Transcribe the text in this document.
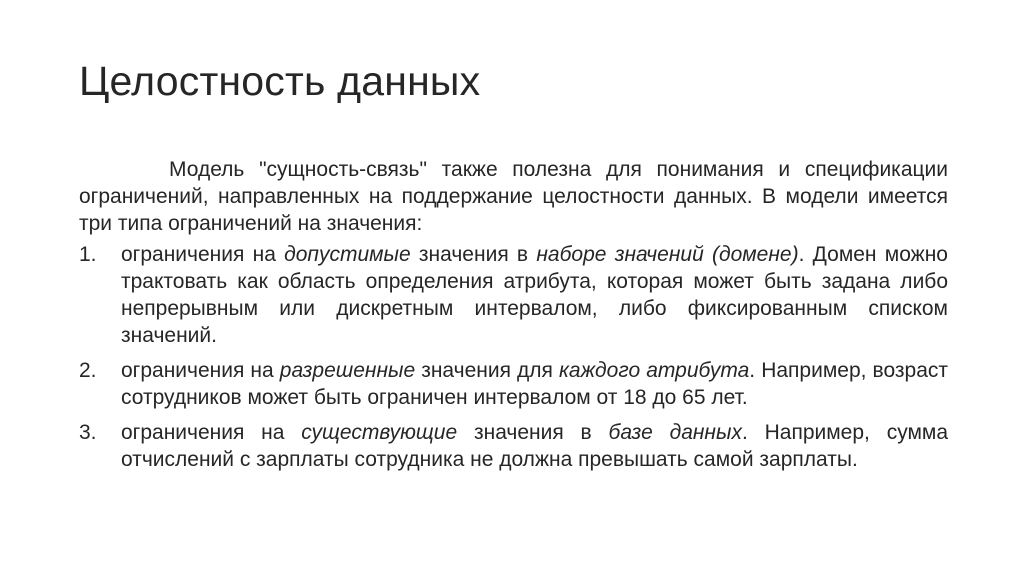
Целостность данных

Модель "сущность-связь" также полезна для понимания и спецификации ограничений, направленных на поддержание целостности данных. В модели имеется три типа ограничений на значения:

1. ограничения на допустимые значения в наборе значений (домене). Домен можно трактовать как область определения атрибута, которая может быть задана либо непрерывным или дискретным интервалом, либо фиксированным списком значений.
2. ограничения на разрешенные значения для каждого атрибута. Например, возраст сотрудников может быть ограничен интервалом от 18 до 65 лет.
3. ограничения на существующие значения в базе данных. Например, сумма отчислений с зарплаты сотрудника не должна превышать самой зарплаты.
